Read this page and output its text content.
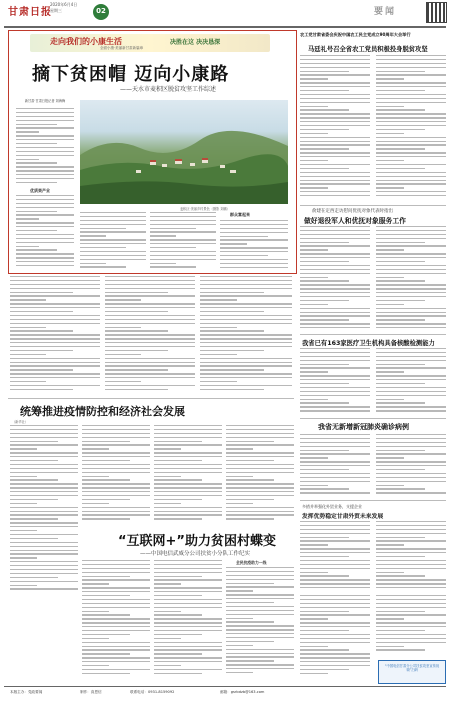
甘肃日报
2020年6月4日
星期三	02	要闻
走向我们的小康生活	决胜在这 决决恳深
全面小康·美丽新甘肃新篇章
摘下贫困帽 迈向小康路
——天水市麦积区脱贫攻坚工作综述
新甘肃·甘肃日报记者 刘海梅
优质果产业
麦积区·美丽乡村景色（摄影 刘鹏）
群众富起来
农工党甘肃省委会庆祝中国农工民主党成立90周年大会举行
马廷礼号召全省农工党员积极投身脱贫攻坚
俞建在定西走访慰问优抚对象代表时指出
做好退役军人和优抚对象服务工作
我省已有163家医疗卫生机构具备核酸检测能力
我省无新增新冠肺炎确诊病例
多措并举强化外贸业务，支援企业
发挥优势稳定甘肃外贸未来发展
统筹推进疫情防控和经济社会发展
（新华社）
“互联网+”助力贫困村蝶变
——中国电信武威分公司扶贫小分队工作纪实
全民抗疫助力一线
“中国电信甘肃分公司扶贫攻坚宣传视频”扫码
本版主办：党政要闻	制作：高恩信	联系电话：0931-8159092	邮箱：gsrbdzb@163.com
